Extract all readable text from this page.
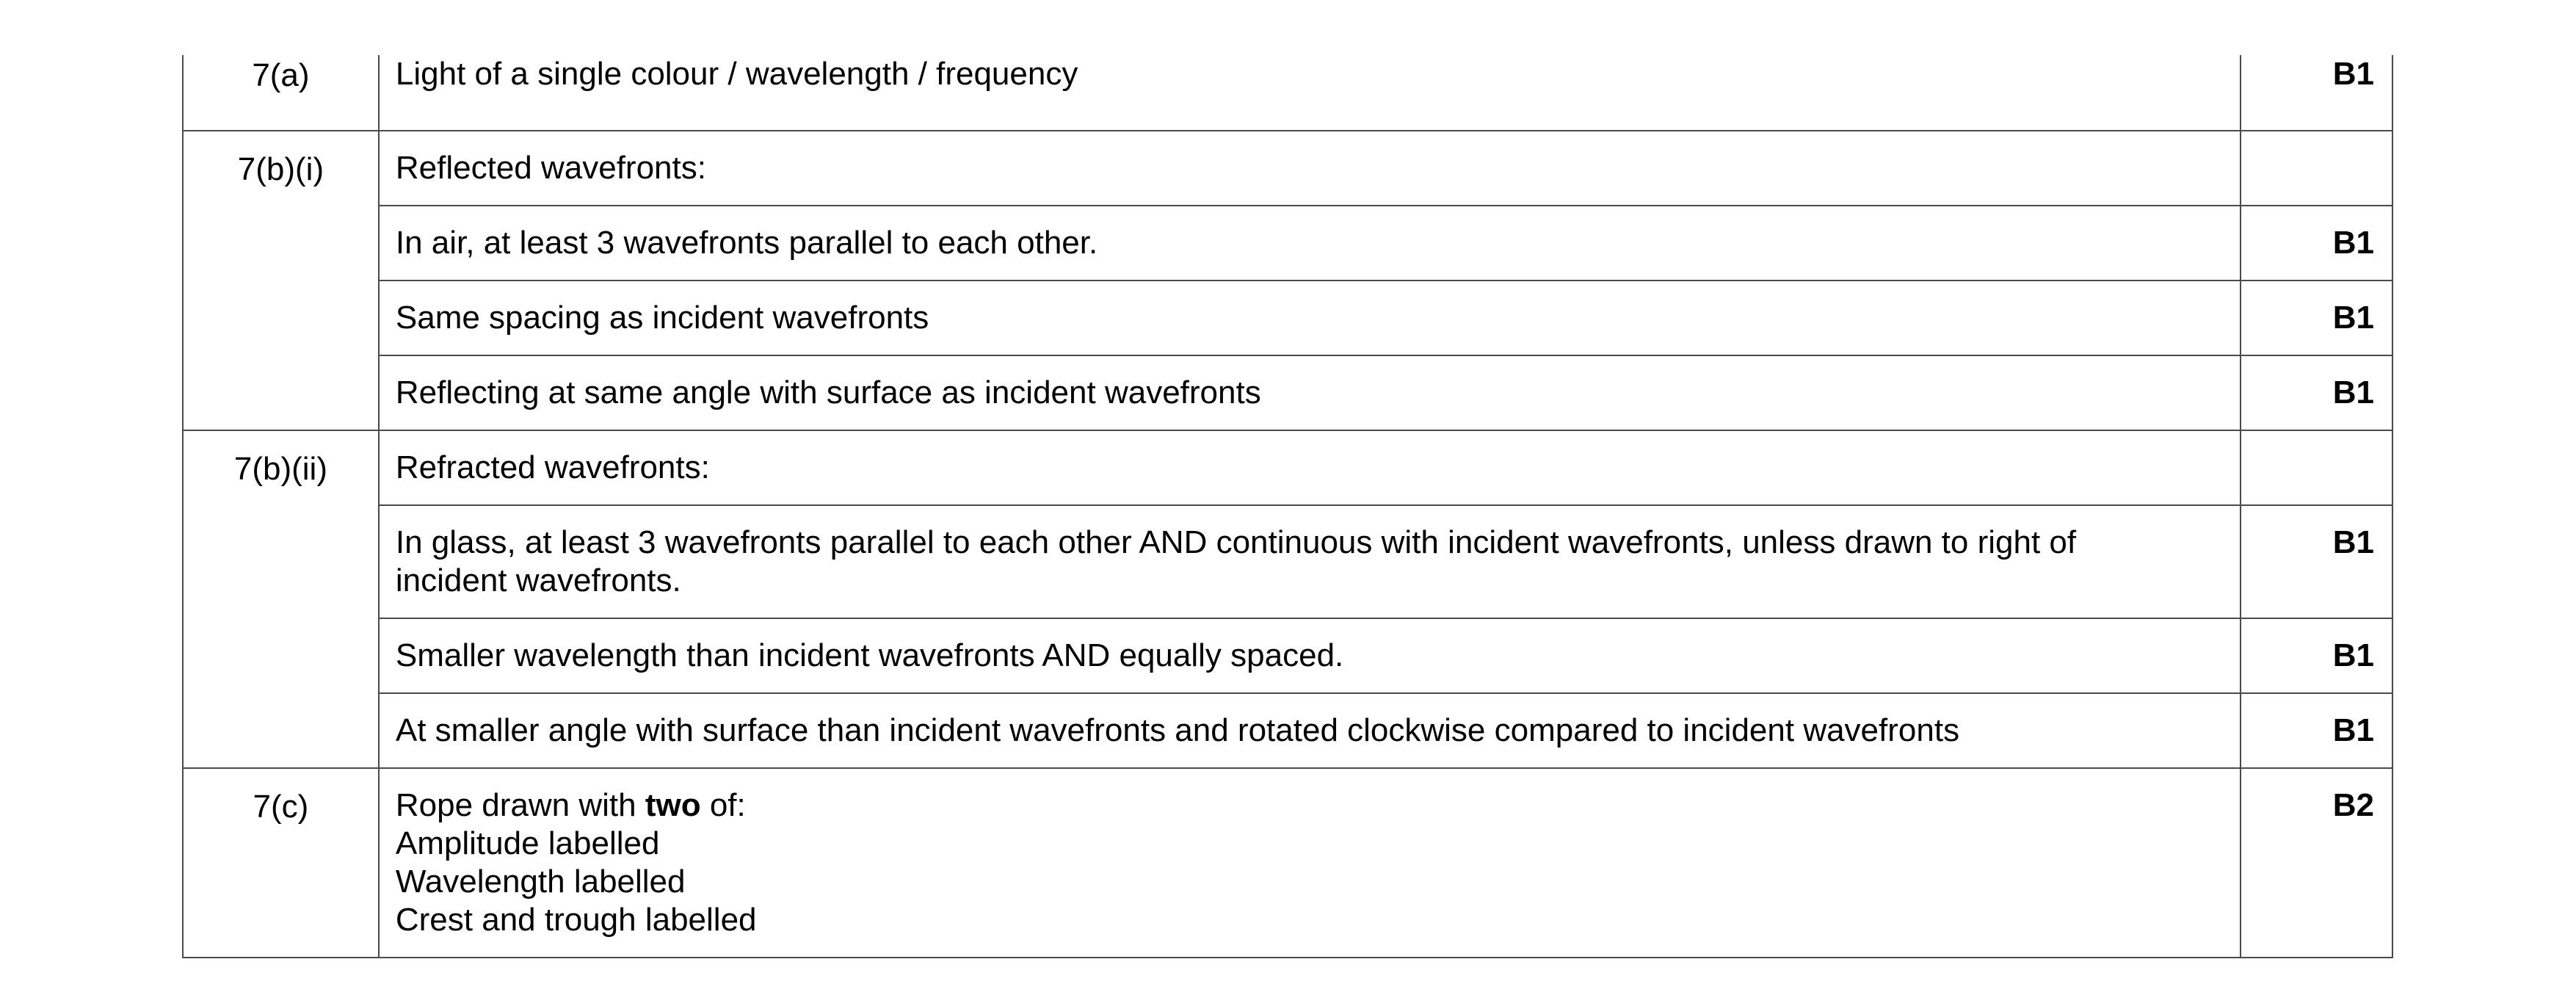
7(a)	Light of a single colour / wavelength / frequency	B1

7(b)(i)	Reflected wavefronts:	

	In air, at least 3 wavefronts parallel to each other.	B1

	Same spacing as incident wavefronts	B1

	Reflecting at same angle with surface as incident wavefronts	B1

7(b)(ii)	Refracted wavefronts:	

	In glass, at least 3 wavefronts parallel to each other AND continuous with incident wavefronts, unless drawn to right of incident wavefronts.	B1

	Smaller wavelength than incident wavefronts AND equally spaced.	B1

	At smaller angle with surface than incident wavefronts and rotated clockwise compared to incident wavefronts	B1

7(c)	Rope drawn with two of:
Amplitude labelled
Wavelength labelled
Crest and trough labelled	B2
